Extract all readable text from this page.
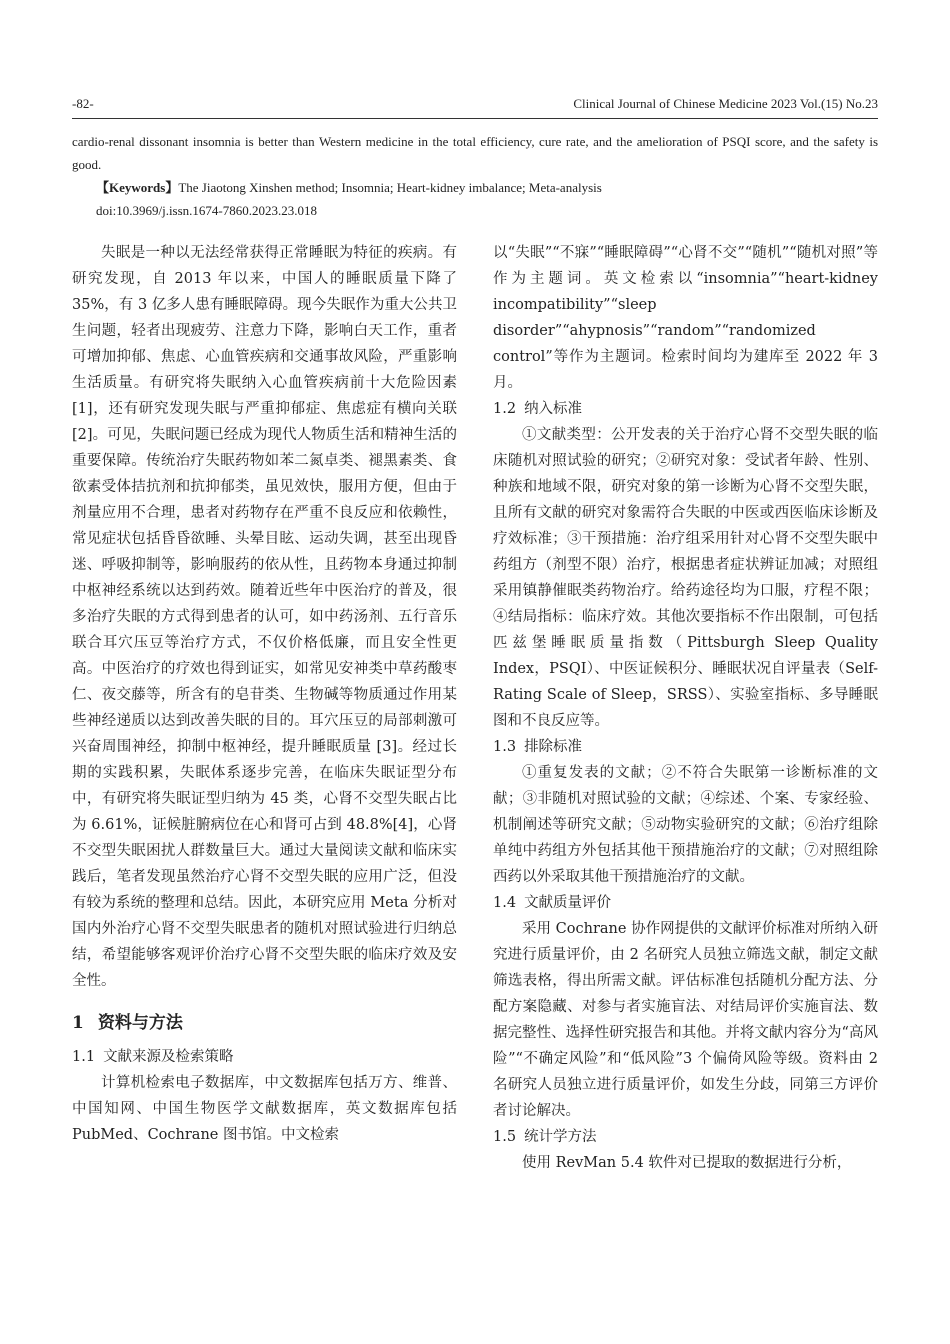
-82-	Clinical Journal of Chinese Medicine 2023 Vol.(15) No.23

cardio-renal dissonant insomnia is better than Western medicine in the total efficiency, cure rate, and the amelioration of PSQI score, and the safety is good.

【Keywords】The Jiaotong Xinshen method; Insomnia; Heart-kidney imbalance; Meta-analysis

doi:10.3969/j.issn.1674-7860.2023.23.018

失眠是一种以无法经常获得正常睡眠为特征的疾病。有研究发现，自 2013 年以来，中国人的睡眠质量下降了 35%，有 3 亿多人患有睡眠障碍。现今失眠作为重大公共卫生问题，轻者出现疲劳、注意力下降，影响白天工作，重者可增加抑郁、焦虑、心血管疾病和交通事故风险，严重影响生活质量。有研究将失眠纳入心血管疾病前十大危险因素 [1]，还有研究发现失眠与严重抑郁症、焦虑症有横向关联 [2]。可见，失眠问题已经成为现代人物质生活和精神生活的重要保障。传统治疗失眠药物如苯二氮卓类、褪黑素类、食欲素受体拮抗剂和抗抑郁类，虽见效快，服用方便，但由于剂量应用不合理，患者对药物存在严重不良反应和依赖性，常见症状包括昏昏欲睡、头晕目眩、运动失调，甚至出现昏迷、呼吸抑制等，影响服药的依从性，且药物本身通过抑制中枢神经系统以达到药效。随着近些年中医治疗的普及，很多治疗失眠的方式得到患者的认可，如中药汤剂、五行音乐联合耳穴压豆等治疗方式，不仅价格低廉，而且安全性更高。中医治疗的疗效也得到证实，如常见安神类中草药酸枣仁、夜交藤等，所含有的皂苷类、生物碱等物质通过作用某些神经递质以达到改善失眠的目的。耳穴压豆的局部刺激可兴奋周围神经，抑制中枢神经，提升睡眠质量 [3]。经过长期的实践积累，失眠体系逐步完善，在临床失眠证型分布中，有研究将失眠证型归纳为 45 类，心肾不交型失眠占比为 6.61%，证候脏腑病位在心和肾可占到 48.8%[4]，心肾不交型失眠困扰人群数量巨大。通过大量阅读文献和临床实践后，笔者发现虽然治疗心肾不交型失眠的应用广泛，但没有较为系统的整理和总结。因此，本研究应用 Meta 分析对国内外治疗心肾不交型失眠患者的随机对照试验进行归纳总结，希望能够客观评价治疗心肾不交型失眠的临床疗效及安全性。

1 资料与方法
1.1 文献来源及检索策略

计算机检索电子数据库，中文数据库包括万方、维普、中国知网、中国生物医学文献数据库，英文数据库包括 PubMed、Cochrane 图书馆。中文检索

以“失眠”“不寐”“睡眠障碍”“心肾不交”“随机”“随机对照”等作为主题词。英文检索以“insomnia”“heart-kidney incompatibility”“sleep disorder”“ahypnosis”“random”“randomized control”等作为主题词。检索时间均为建库至 2022 年 3 月。

1.2 纳入标准

①文献类型：公开发表的关于治疗心肾不交型失眠的临床随机对照试验的研究；②研究对象：受试者年龄、性别、种族和地域不限，研究对象的第一诊断为心肾不交型失眠，且所有文献的研究对象需符合失眠的中医或西医临床诊断及疗效标准；③干预措施：治疗组采用针对心肾不交型失眠中药组方（剂型不限）治疗，根据患者症状辨证加减；对照组采用镇静催眠类药物治疗。给药途径均为口服，疗程不限；④结局指标：临床疗效。其他次要指标不作出限制，可包括匹兹堡睡眠质量指数（Pittsburgh Sleep Quality Index，PSQI）、中医证候积分、睡眠状况自评量表（Self-Rating Scale of Sleep，SRSS）、实验室指标、多导睡眠图和不良反应等。

1.3 排除标准

①重复发表的文献；②不符合失眠第一诊断标准的文献；③非随机对照试验的文献；④综述、个案、专家经验、机制阐述等研究文献；⑤动物实验研究的文献；⑥治疗组除单纯中药组方外包括其他干预措施治疗的文献；⑦对照组除西药以外采取其他干预措施治疗的文献。

1.4 文献质量评价

采用 Cochrane 协作网提供的文献评价标准对所纳入研究进行质量评价，由 2 名研究人员独立筛选文献，制定文献筛选表格，得出所需文献。评估标准包括随机分配方法、分配方案隐藏、对参与者实施盲法、对结局评价实施盲法、数据完整性、选择性研究报告和其他。并将文献内容分为“高风险”“不确定风险”和“低风险”3 个偏倚风险等级。资料由 2 名研究人员独立进行质量评价，如发生分歧，同第三方评价者讨论解决。

1.5 统计学方法

使用 RevMan 5.4 软件对已提取的数据进行分析，
